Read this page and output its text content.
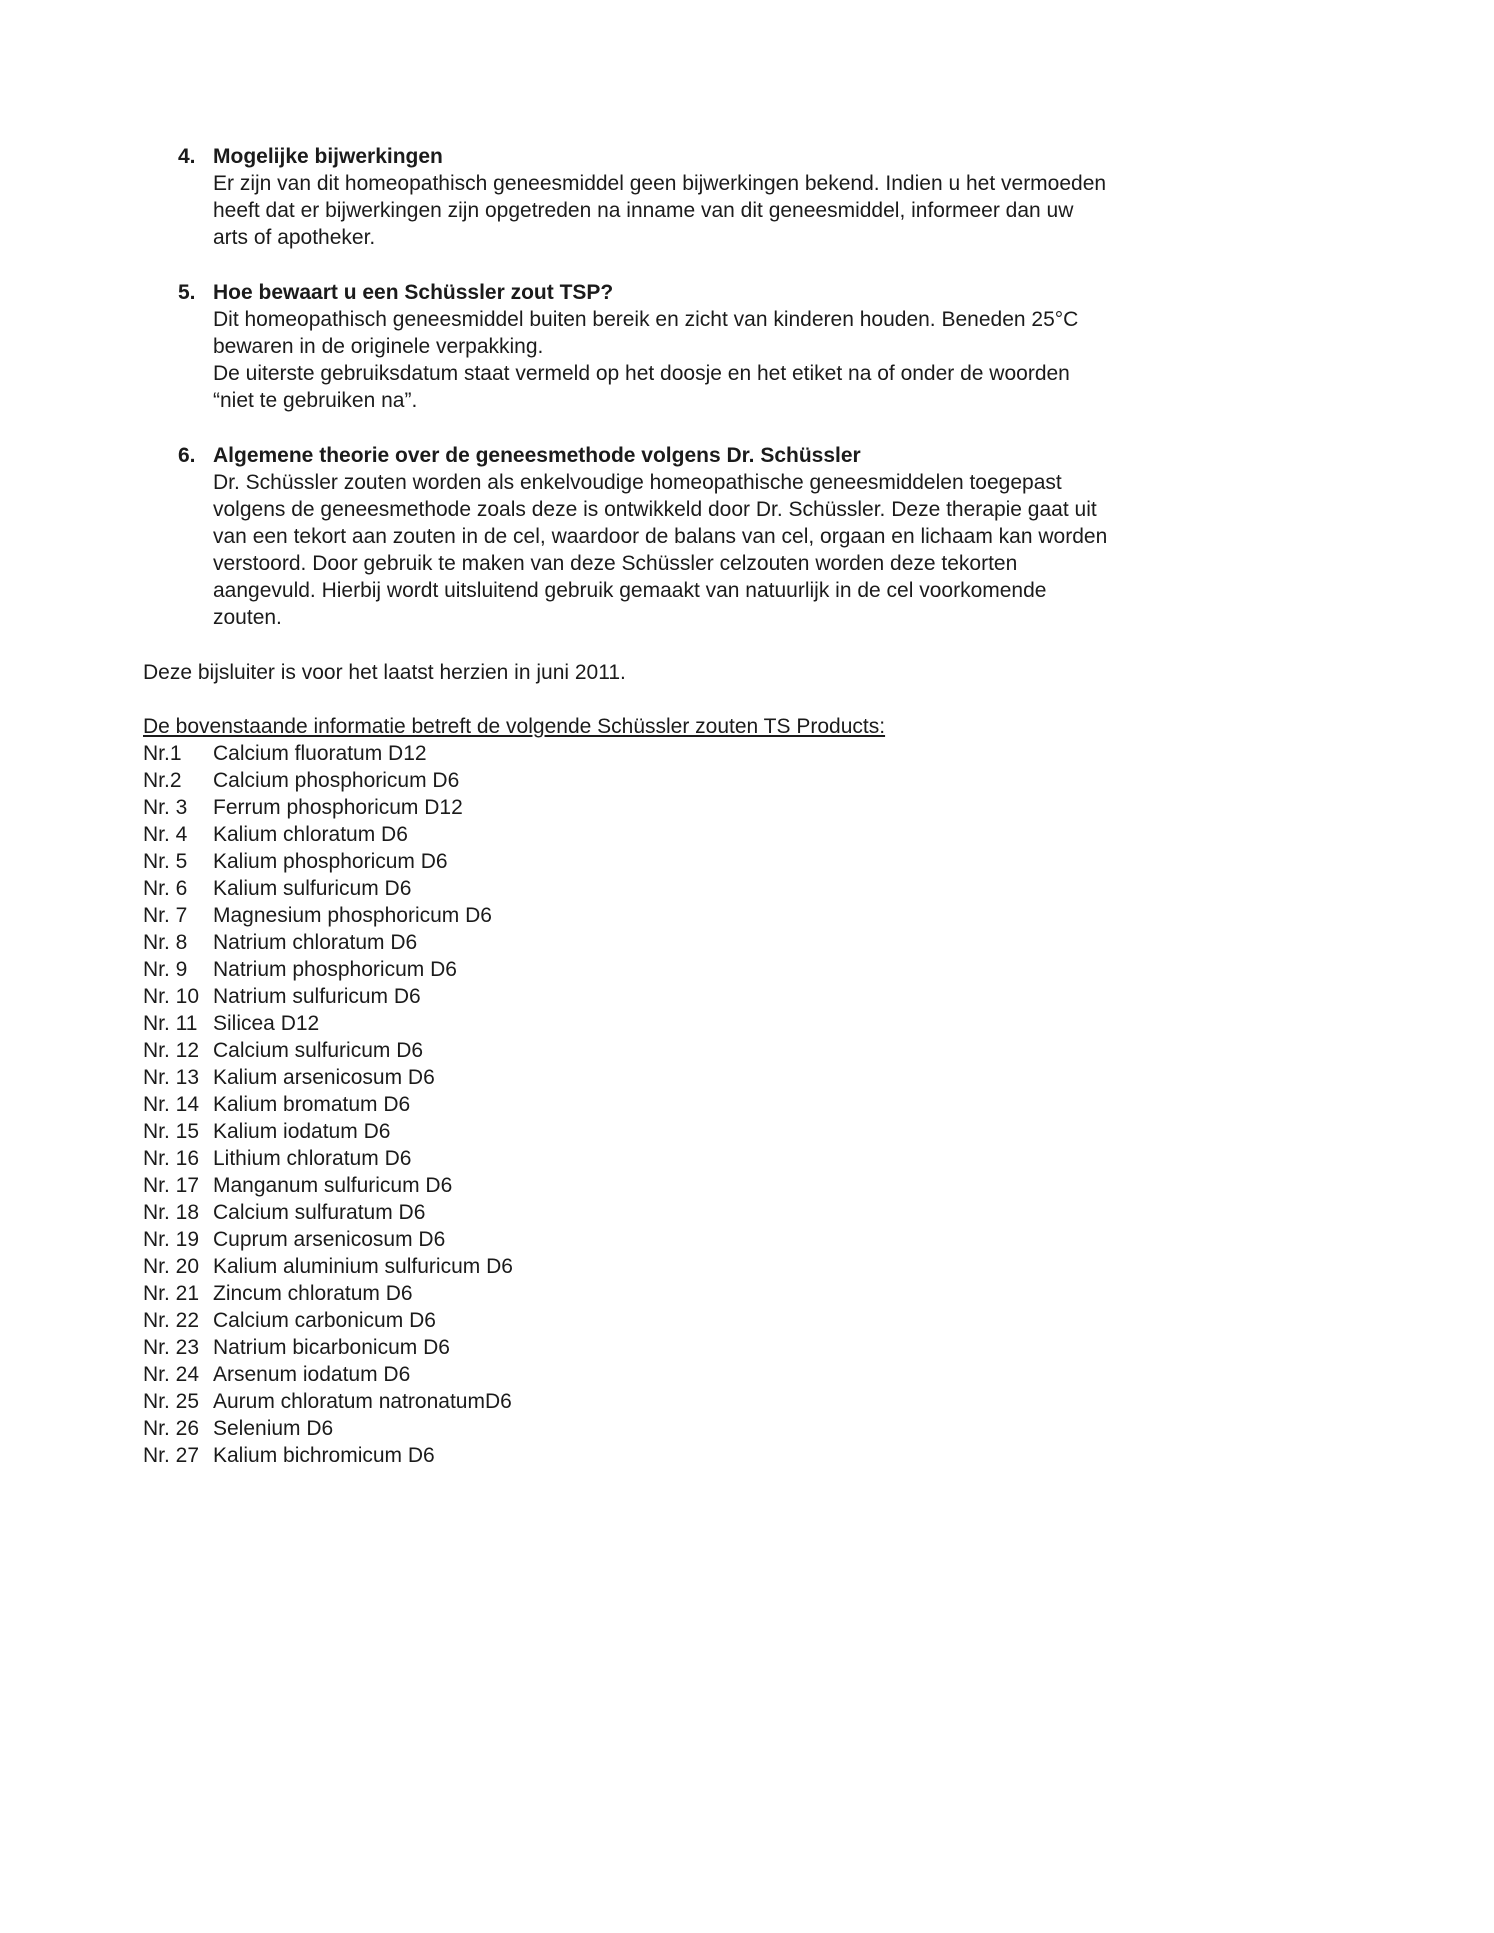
4. Mogelijke bijwerkingen
Er zijn van dit homeopathisch geneesmiddel geen bijwerkingen bekend. Indien u het vermoeden
heeft dat er bijwerkingen zijn opgetreden na inname van dit geneesmiddel, informeer dan uw
arts of apotheker.
5. Hoe bewaart u een Schüssler zout TSP?
Dit homeopathisch geneesmiddel buiten bereik en zicht van kinderen houden. Beneden 25°C
bewaren in de originele verpakking.
De uiterste gebruiksdatum staat vermeld op het doosje en het etiket na of onder de woorden
“niet te gebruiken na”.
6. Algemene theorie over de geneesmethode volgens Dr. Schüssler
Dr. Schüssler zouten worden als enkelvoudige homeopathische geneesmiddelen toegepast
volgens de geneesmethode zoals deze is ontwikkeld door Dr. Schüssler. Deze therapie gaat uit
van een tekort aan zouten in de cel, waardoor de balans van cel, orgaan en lichaam kan worden
verstoord. Door gebruik te maken van deze Schüssler celzouten worden deze tekorten
aangevuld. Hierbij wordt uitsluitend gebruik gemaakt van natuurlijk in de cel voorkomende
zouten.
Deze bijsluiter is voor het laatst herzien in juni 2011.
De bovenstaande informatie betreft de volgende Schüssler zouten TS Products:
Nr.1	Calcium fluoratum D12
Nr.2	Calcium phosphoricum D6
Nr. 3	Ferrum phosphoricum D12
Nr. 4	Kalium chloratum D6
Nr. 5	Kalium phosphoricum D6
Nr. 6	Kalium sulfuricum D6
Nr. 7	Magnesium phosphoricum D6
Nr. 8	Natrium chloratum D6
Nr. 9	Natrium phosphoricum D6
Nr. 10 Natrium sulfuricum D6
Nr. 11 Silicea D12
Nr. 12 Calcium sulfuricum D6
Nr. 13 Kalium arsenicosum D6
Nr. 14 Kalium bromatum D6
Nr. 15 Kalium iodatum D6
Nr. 16 Lithium chloratum D6
Nr. 17 Manganum sulfuricum D6
Nr. 18 Calcium sulfuratum D6
Nr. 19 Cuprum arsenicosum D6
Nr. 20 Kalium aluminium sulfuricum D6
Nr. 21 Zincum chloratum D6
Nr. 22 Calcium carbonicum D6
Nr. 23 Natrium bicarbonicum D6
Nr. 24 Arsenum iodatum D6
Nr. 25 Aurum chloratum natronatumD6
Nr. 26 Selenium D6
Nr. 27 Kalium bichromicum D6
